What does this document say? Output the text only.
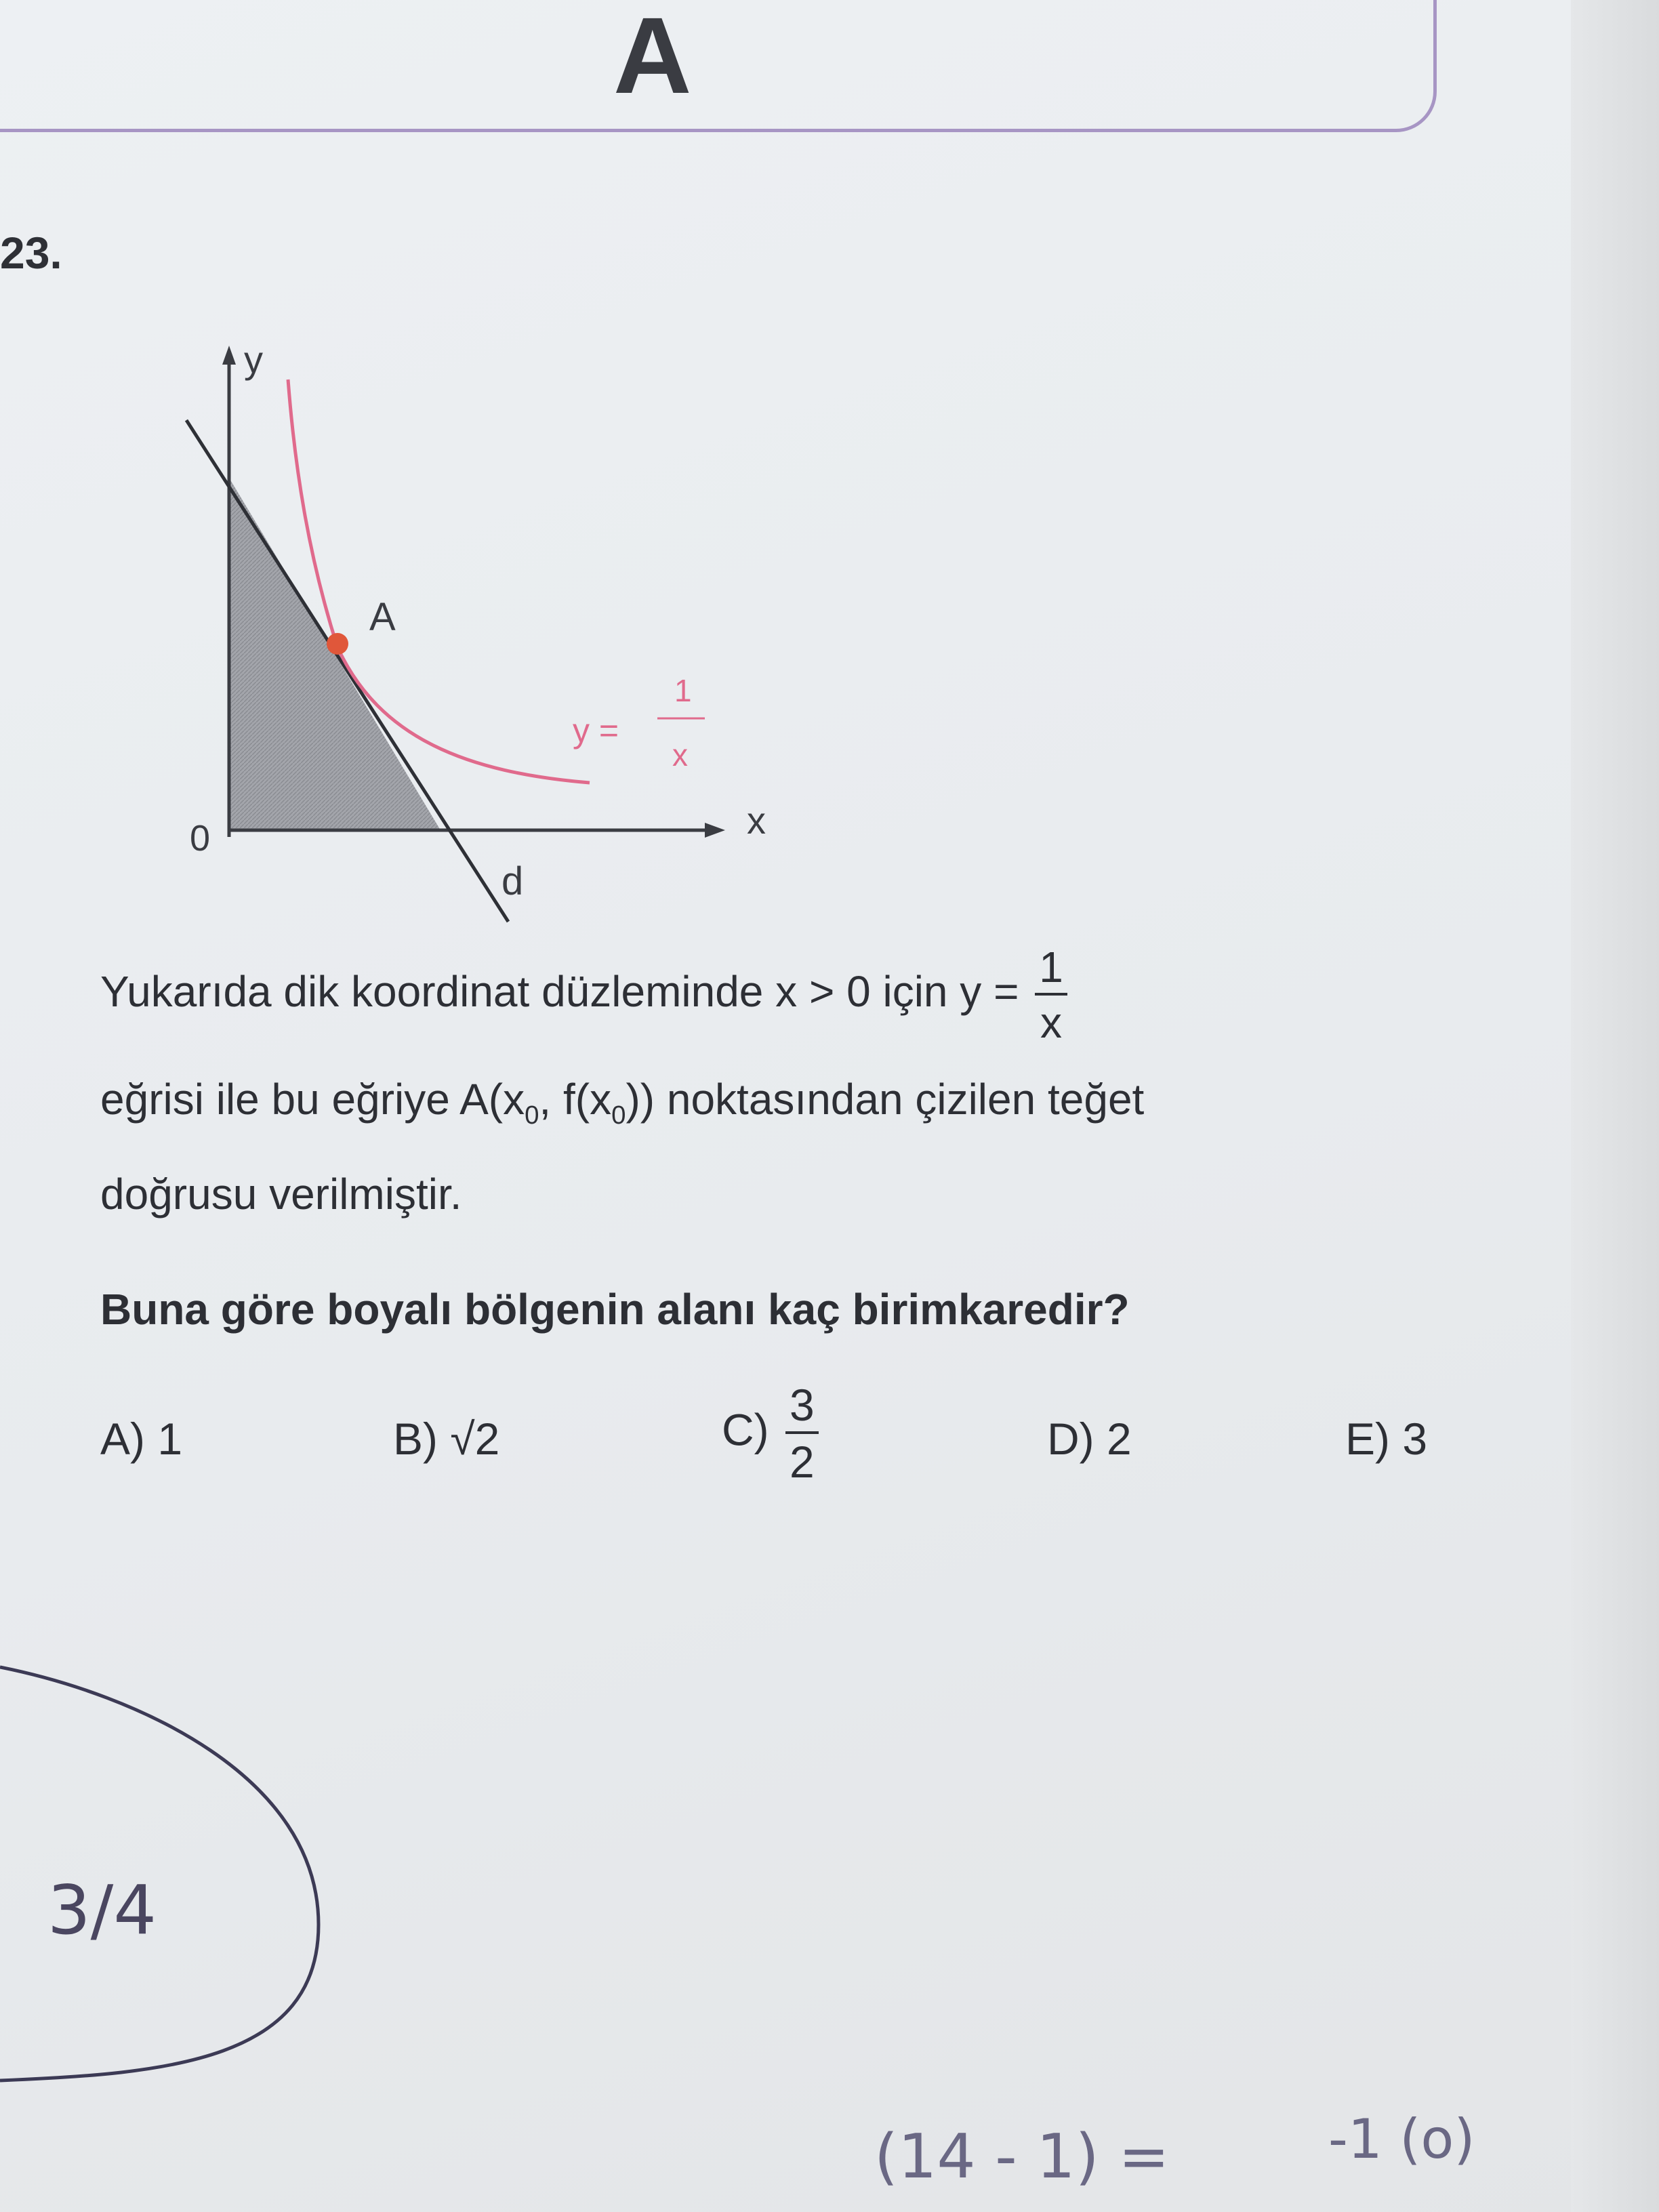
A
23.
y
0
A
d
x
y =
1
x
Yukarıda dik koordinat düzleminde x > 0 için $y = \frac{1}{x}$
eğrisi ile bu eğriye $A(x_0$, $f(x_0)$) noktasından çizilen teğet
doğrusu verilmiştir.
Buna göre boyalı bölgenin alanı kaç birimkaredir?
A) 1	B) √2	$C) \frac{3}{2}$	D) 2	E) 3
3/4
(14 - 1) =	-1 (o)
